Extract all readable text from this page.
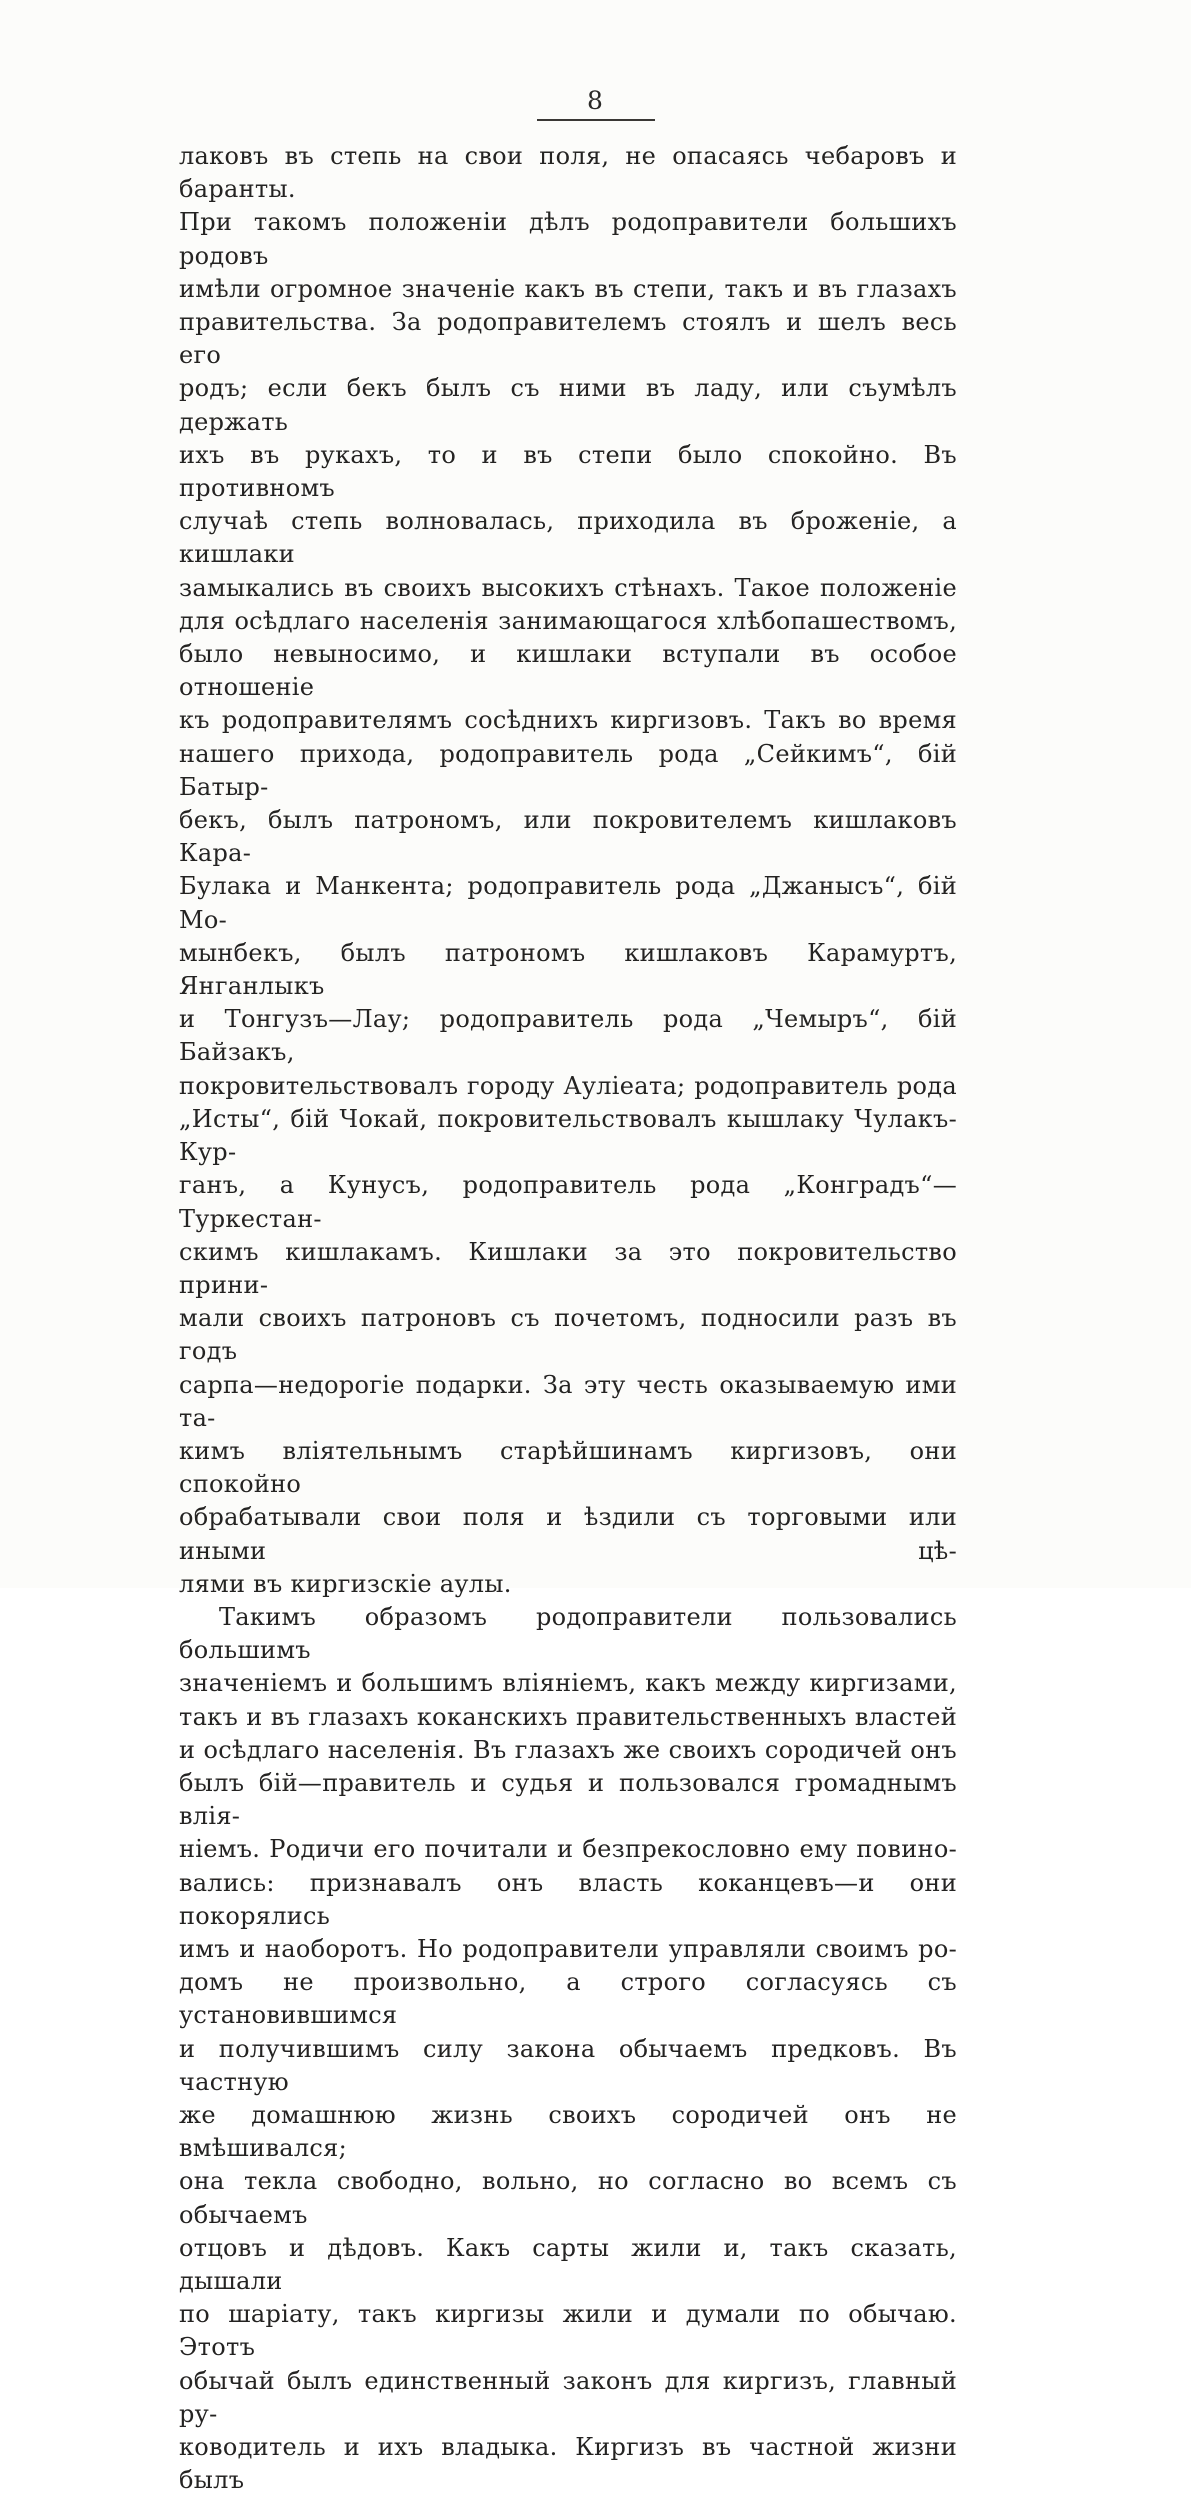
8
лаковъ въ степь на свои поля, не опасаясь чебаровъ и баранты.
При такомъ положеніи дѣлъ родоправители большихъ родовъ
имѣли огромное значеніе какъ въ степи, такъ и въ глазахъ
правительства. За родоправителемъ стоялъ и шелъ весь его
родъ; если бекъ былъ съ ними въ ладу, или съумѣлъ держать
ихъ въ рукахъ, то и въ степи было спокойно. Въ противномъ
случаѣ степь волновалась, приходила въ броженіе, а кишлаки
замыкались въ своихъ высокихъ стѣнахъ. Такое положеніе
для осѣдлаго населенія занимающагося хлѣбопашествомъ,
было невыносимо, и кишлаки вступали въ особое отношеніе
къ родоправителямъ сосѣднихъ киргизовъ. Такъ во время
нашего прихода, родоправитель рода „Сейкимъ“, бій Батыр-
бекъ, былъ патрономъ, или покровителемъ кишлаковъ Кара-
Булака и Манкента; родоправитель рода „Джанысъ“, бій Мо-
мынбекъ, былъ патрономъ кишлаковъ Карамуртъ, Янганлыкъ
и Тонгузъ—Лау; родоправитель рода „Чемыръ“, бій Байзакъ,
покровительствовалъ городу Ауліеата; родоправитель рода
„Исты“, бій Чокай, покровительствовалъ кышлаку Чулакъ-Кур-
ганъ, а Кунусъ, родоправитель рода „Конградъ“—Туркестан-
скимъ кишлакамъ. Кишлаки за это покровительство прини-
мали своихъ патроновъ съ почетомъ, подносили разъ въ годъ
сарпа—недорогіе подарки. За эту честь оказываемую ими та-
кимъ вліятельнымъ старѣйшинамъ киргизовъ, они спокойно
обрабатывали свои поля и ѣздили съ торговыми или иными цѣ-
лями въ киргизскіе аулы.
Такимъ образомъ родоправители пользовались большимъ
значеніемъ и большимъ вліяніемъ, какъ между киргизами,
такъ и въ глазахъ коканскихъ правительственныхъ властей
и осѣдлаго населенія. Въ глазахъ же своихъ сородичей онъ
былъ бій—правитель и судья и пользовался громаднымъ влія-
ніемъ. Родичи его почитали и безпрекословно ему повино-
вались: признавалъ онъ власть коканцевъ—и они покорялись
имъ и наоборотъ. Но родоправители управляли своимъ ро-
домъ не произвольно, а строго согласуясь съ установившимся
и получившимъ силу закона обычаемъ предковъ. Въ частную
же домашнюю жизнь своихъ сородичей онъ не вмѣшивался;
она текла свободно, вольно, но согласно во всемъ съ обычаемъ
отцовъ и дѣдовъ. Какъ сарты жили и, такъ сказать, дышали
по шаріату, такъ киргизы жили и думали по обычаю. Этотъ
обычай былъ единственный законъ для киргизъ, главный ру-
ководитель и ихъ владыка. Киргизъ въ частной жизни былъ
